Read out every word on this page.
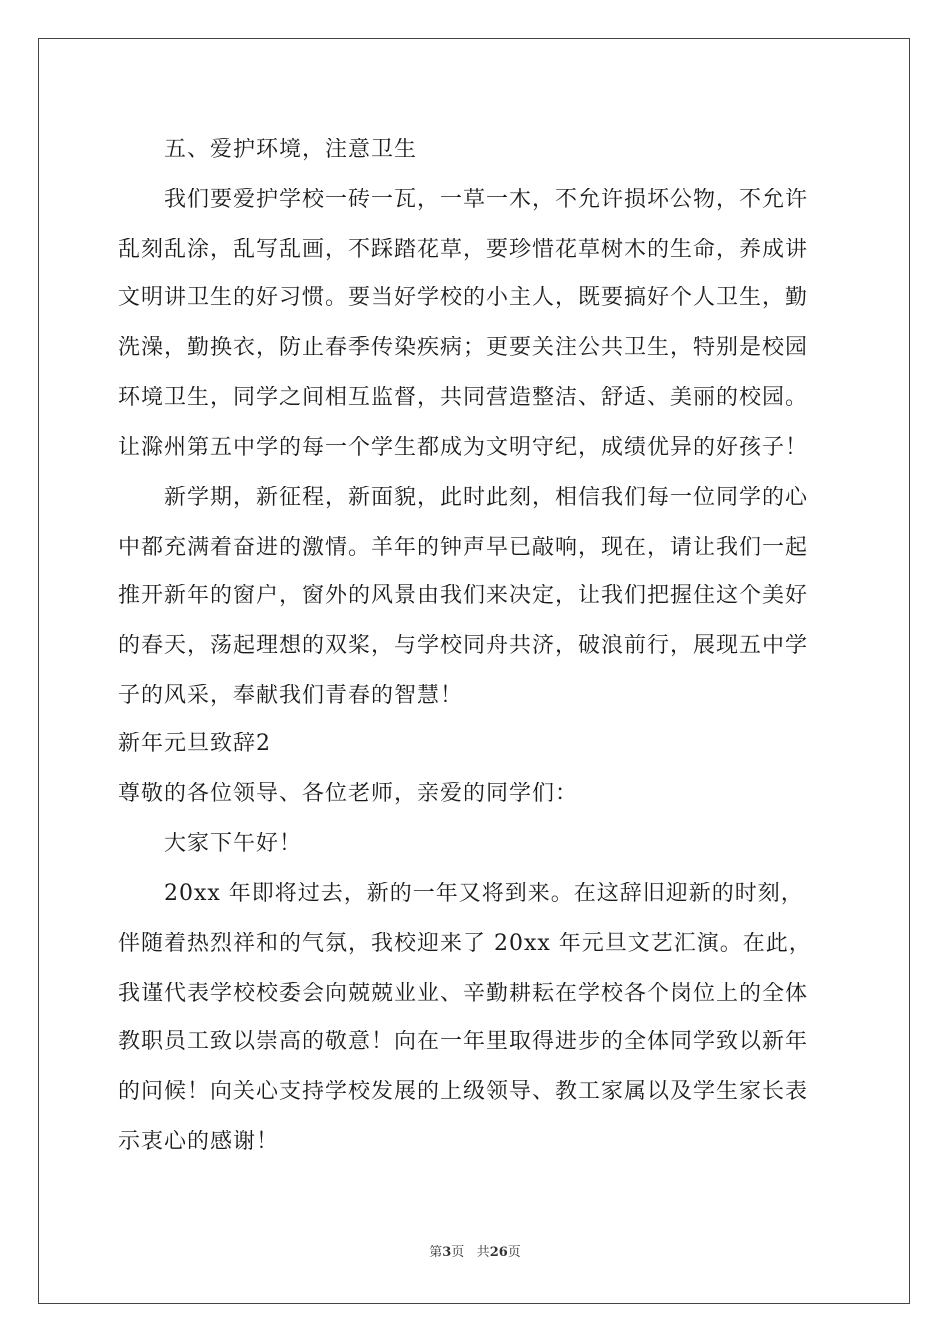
五、爱护环境，注意卫生

我们要爱护学校一砖一瓦，一草一木，不允许损坏公物，不允许

乱刻乱涂，乱写乱画，不踩踏花草，要珍惜花草树木的生命，养成讲

文明讲卫生的好习惯。要当好学校的小主人，既要搞好个人卫生，勤

洗澡，勤换衣，防止春季传染疾病；更要关注公共卫生，特别是校园

环境卫生，同学之间相互监督，共同营造整洁、舒适、美丽的校园。

让滁州第五中学的每一个学生都成为文明守纪，成绩优异的好孩子！

新学期，新征程，新面貌，此时此刻，相信我们每一位同学的心

中都充满着奋进的激情。羊年的钟声早已敲响，现在，请让我们一起

推开新年的窗户，窗外的风景由我们来决定，让我们把握住这个美好

的春天，荡起理想的双桨，与学校同舟共济，破浪前行，展现五中学

子的风采，奉献我们青春的智慧！

新年元旦致辞2

尊敬的各位领导、各位老师，亲爱的同学们：

大家下午好！

20xx 年即将过去，新的一年又将到来。在这辞旧迎新的时刻，

伴随着热烈祥和的气氛，我校迎来了 20xx 年元旦文艺汇演。在此，

我谨代表学校校委会向兢兢业业、辛勤耕耘在学校各个岗位上的全体

教职员工致以崇高的敬意！向在一年里取得进步的全体同学致以新年

的问候！向关心支持学校发展的上级领导、教工家属以及学生家长表

示衷心的感谢！

第3页 共26页
